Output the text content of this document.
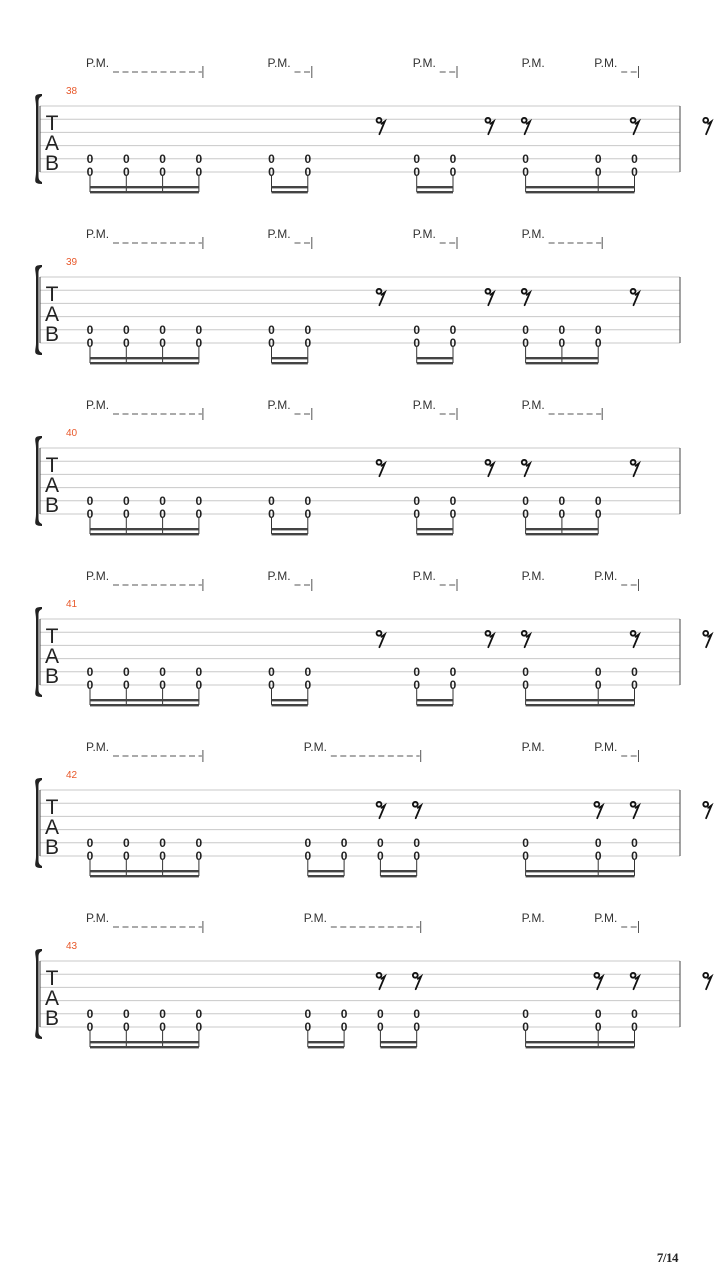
38
P.M.	P.M.	P.M.	P.M.	P.M.
T
A
B 0
0
0
0
0
0
0
0
0
0
0
0
0
0
0
0
0
0
0
0
0
0
39
P.M.	P.M.	P.M.	P.M.
T
A
B 0
0
0
0
0
0
0
0
0
0
0
0
0
0
0
0
0
0
0
0
0
0
40
P.M.	P.M.	P.M.	P.M.
T
A
B 0
0
0
0
0
0
0
0
0
0
0
0
0
0
0
0
0
0
0
0
0
0
41
P.M.	P.M.	P.M.	P.M.	P.M.
T
A
B 0
0
0
0
0
0
0
0
0
0
0
0
0
0
0
0
0
0
0
0
0
0
42
P.M.	P.M.	P.M.	P.M.
T
A
B 0
0
0
0
0
0
0
0
0
0
0
0
0
0
0
0
0
0
0
0
0
0
43
P.M.	P.M.	P.M.	P.M.
T
A
B 0
0
0
0
0
0
0
0
0
0
0
0
0
0
0
0
0
0
0
0
0
0
7/14
